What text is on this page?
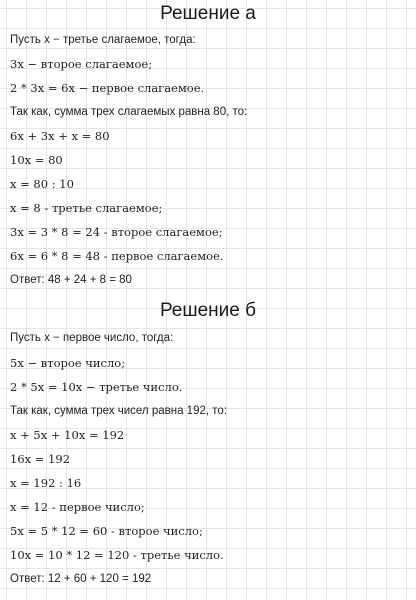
Решение а
Пусть x − третье слагаемое, тогда:
3x − второе слагаемое;
2 * 3x = 6x − первое слагаемое.
Так как, сумма трех слагаемых равна 80, то:
6x + 3x + x = 80
10x = 80
x = 80 : 10
x = 8 - третье слагаемое;
3x = 3 * 8 = 24 - второе слагаемое;
6x = 6 * 8 = 48 - первое слагаемое.
Ответ: 48 + 24 + 8 = 80
Решение б
Пусть x − первое число, тогда:
5x − второе число;
2 * 5x = 10x − третье число.
Так как, сумма трех чисел равна 192, то:
x + 5x + 10x = 192
16x = 192
x = 192 : 16
x = 12 - первое число;
5x = 5 * 12 = 60 - второе число;
10x = 10 * 12 = 120 - третье число.
Ответ: 12 + 60 + 120 = 192
